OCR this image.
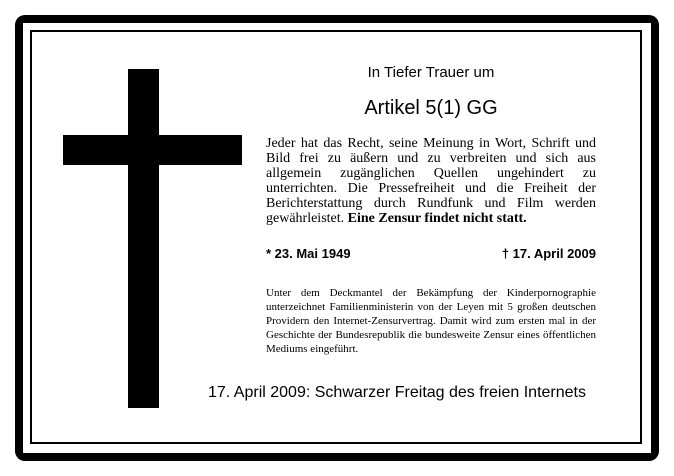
In Tiefer Trauer um
Artikel 5(1) GG
Jeder hat das Recht, seine Meinung in Wort, Schrift und Bild frei zu äußern und zu verbreiten und sich aus allgemein zugänglichen Quellen ungehindert zu unterrichten. Die Pressefreiheit und die Freiheit der Berichterstattung durch Rundfunk und Film werden gewährleistet. Eine Zensur findet nicht statt.
* 23. Mai 1949	† 17. April 2009
Unter dem Deckmantel der Bekämpfung der Kinderpornographie unterzeichnet Familienministerin von der Leyen mit 5 großen deutschen Providern den Internet-Zensurvertrag. Damit wird zum ersten mal in der Geschichte der Bundesrepublik die bundesweite Zensur eines öffentlichen Mediums eingeführt.
17. April 2009: Schwarzer Freitag des freien Internets
